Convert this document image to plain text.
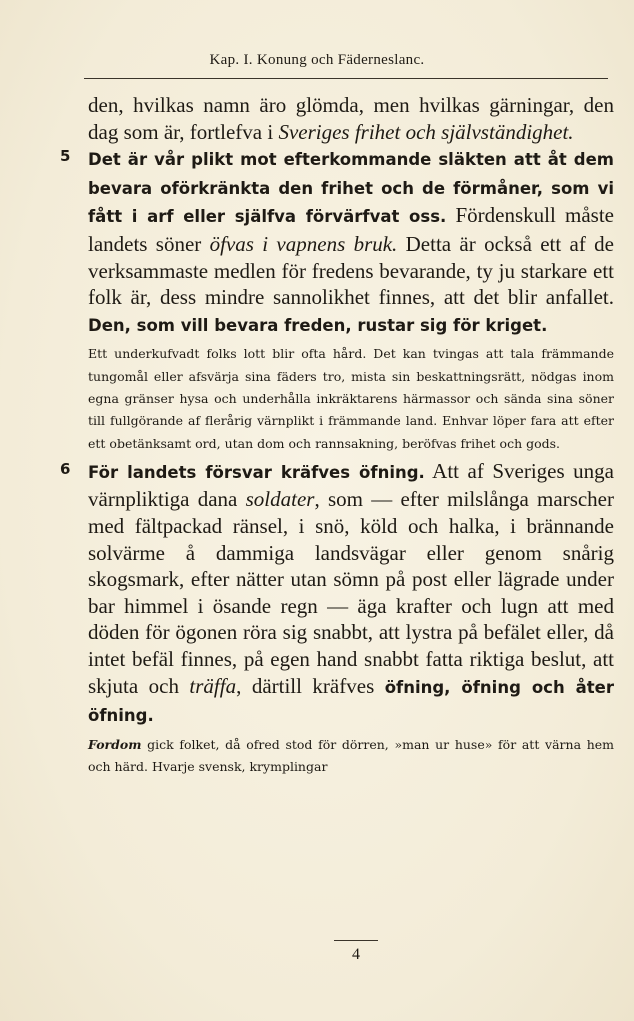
Kap. I. Konung och Fäderneslanc.

den, hvilkas namn äro glömda, men hvilkas gärningar, den dag som är, fortlefva i Sveriges frihet och självständighet.

5 Det är vår plikt mot efterkommande släkten att åt dem bevara oförkränkta den frihet och de förmåner, som vi fått i arf eller själfva förvärfvat oss. Fördenskull måste landets söner öfvas i vapnens bruk. Detta är också ett af de verksammaste medlen för fredens bevarande, ty ju starkare ett folk är, dess mindre sannolikhet finnes, att det blir anfallet. Den, som vill bevara freden, rustar sig för kriget.

Ett underkufvadt folks lott blir ofta hård. Det kan tvingas att tala främmande tungomål eller afsvärja sina fäders tro, mista sin beskattningsrätt, nödgas inom egna gränser hysa och underhålla inkräktarens härmassor och sända sina söner till fullgörande af flerårig värnplikt i främmande land. Enhvar löper fara att efter ett obetänksamt ord, utan dom och rannsakning, beröfvas frihet och gods.

6 För landets försvar kräfves öfning. Att af Sveriges unga värnpliktiga dana soldater, som — efter milslånga marscher med fältpackad ränsel, i snö, köld och halka, i brännande solvärme å dammiga landsvägar eller genom snårig skogsmark, efter nätter utan sömn på post eller lägrade under bar himmel i ösande regn — äga krafter och lugn att med döden för ögonen röra sig snabbt, att lystra på befälet eller, då intet befäl finnes, på egen hand snabbt fatta riktiga beslut, att skjuta och träffa, därtill kräfves öfning, öfning och åter öfning.

Fordom gick folket, då ofred stod för dörren, »man ur huse» för att värna hem och härd. Hvarje svensk, krymplingar

4
